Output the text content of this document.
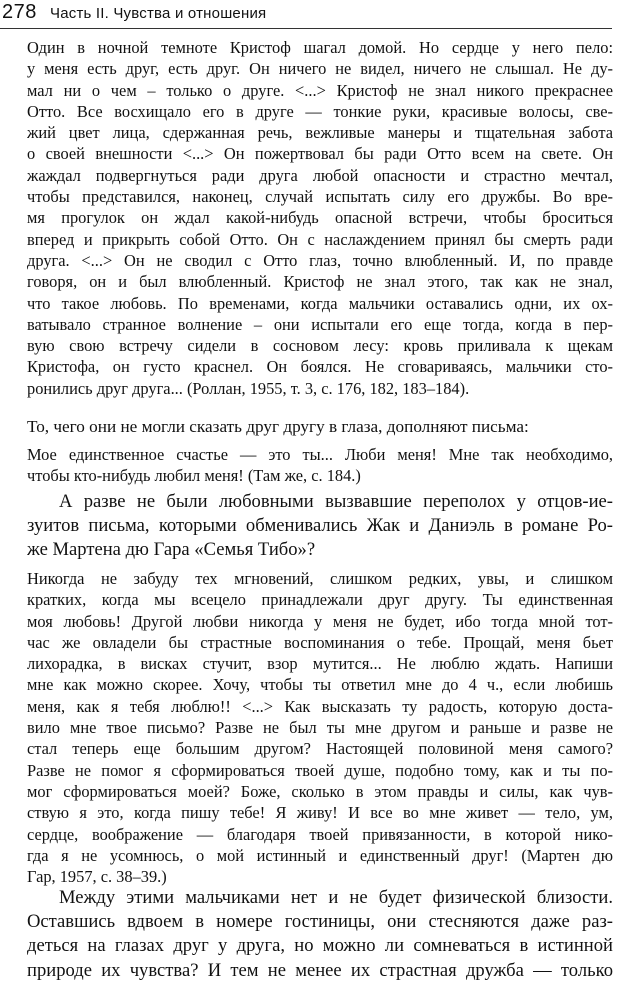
278 Часть II. Чувства и отношения
Один в ночной темноте Кристоф шагал домой. Но сердце у него пело:
у меня есть друг, есть друг. Он ничего не видел, ничего не слышал. Не ду-
мал ни о чем – только о друге. <...> Кристоф не знал никого прекраснее
Отто. Все восхищало его в друге — тонкие руки, красивые волосы, све-
жий цвет лица, сдержанная речь, вежливые манеры и тщательная забота
о своей внешности <...> Он пожертвовал бы ради Отто всем на свете. Он
жаждал подвергнуться ради друга любой опасности и страстно мечтал,
чтобы представился, наконец, случай испытать силу его дружбы. Во вре-
мя прогулок он ждал какой-нибудь опасной встречи, чтобы броситься
вперед и прикрыть собой Отто. Он с наслаждением принял бы смерть ради
друга. <...> Он не сводил с Отто глаз, точно влюбленный. И, по правде
говоря, он и был влюбленный. Кристоф не знал этого, так как не знал,
что такое любовь. По временами, когда мальчики оставались одни, их ох-
ватывало странное волнение – они испытали его еще тогда, когда в пер-
вую свою встречу сидели в сосновом лесу: кровь приливала к щекам
Кристофа, он густо краснел. Он боялся. Не сговариваясь, мальчики сто-
ронились друг друга... (Роллан, 1955, т. 3, с. 176, 182, 183–184).
То, чего они не могли сказать друг другу в глаза, дополняют письма:
Мое единственное счастье — это ты... Люби меня! Мне так необходимо,
чтобы кто-нибудь любил меня! (Там же, с. 184.)
А разве не были любовными вызвавшие переполох у отцов-ие-
зуитов письма, которыми обменивались Жак и Даниэль в романе Ро-
же Мартена дю Гара «Семья Тибо»?
Никогда не забуду тех мгновений, слишком редких, увы, и слишком
кратких, когда мы всецело принадлежали друг другу. Ты единственная
моя любовь! Другой любви никогда у меня не будет, ибо тогда мной тот-
час же овладели бы страстные воспоминания о тебе. Прощай, меня бьет
лихорадка, в висках стучит, взор мутится... Не люблю ждать. Напиши
мне как можно скорее. Хочу, чтобы ты ответил мне до 4 ч., если любишь
меня, как я тебя люблю!! <...> Как высказать ту радость, которую доста-
вило мне твое письмо? Разве не был ты мне другом и раньше и разве не
стал теперь еще большим другом? Настоящей половиной меня самого?
Разве не помог я сформироваться твоей душе, подобно тому, как и ты по-
мог сформироваться моей? Боже, сколько в этом правды и силы, как чув-
ствую я это, когда пишу тебе! Я живу! И все во мне живет — тело, ум,
сердце, воображение — благодаря твоей привязанности, в которой нико-
гда я не усомнюсь, о мой истинный и единственный друг! (Мартен дю
Гар, 1957, с. 38–39.)
Между этими мальчиками нет и не будет физической близости.
Оставшись вдвоем в номере гостиницы, они стесняются даже раз-
деться на глазах друг у друга, но можно ли сомневаться в истинной
природе их чувства? И тем не менее их страстная дружба — только
